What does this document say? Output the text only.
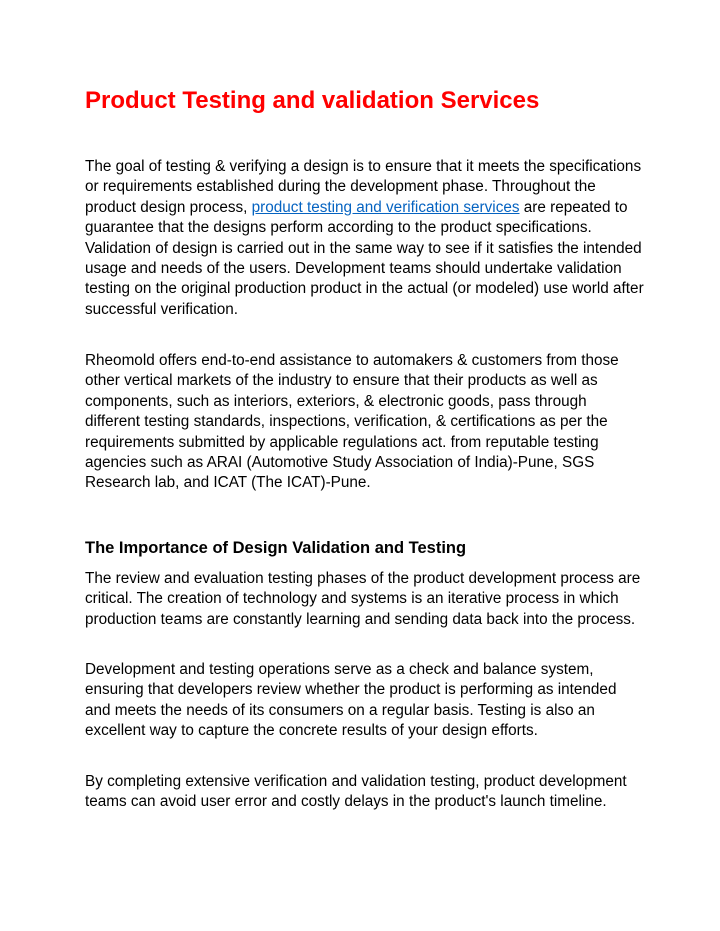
Product Testing and validation Services

The goal of testing & verifying a design is to ensure that it meets the specifications or requirements established during the development phase. Throughout the product design process, product testing and verification services are repeated to guarantee that the designs perform according to the product specifications. Validation of design is carried out in the same way to see if it satisfies the intended usage and needs of the users. Development teams should undertake validation testing on the original production product in the actual (or modeled) use world after successful verification.

Rheomold offers end-to-end assistance to automakers & customers from those other vertical markets of the industry to ensure that their products as well as components, such as interiors, exteriors, & electronic goods, pass through different testing standards, inspections, verification, & certifications as per the requirements submitted by applicable regulations act. from reputable testing agencies such as ARAI (Automotive Study Association of India)-Pune, SGS Research lab, and ICAT (The ICAT)-Pune.

The Importance of Design Validation and Testing

The review and evaluation testing phases of the product development process are critical. The creation of technology and systems is an iterative process in which production teams are constantly learning and sending data back into the process.

Development and testing operations serve as a check and balance system, ensuring that developers review whether the product is performing as intended and meets the needs of its consumers on a regular basis. Testing is also an excellent way to capture the concrete results of your design efforts.

By completing extensive verification and validation testing, product development teams can avoid user error and costly delays in the product's launch timeline.
